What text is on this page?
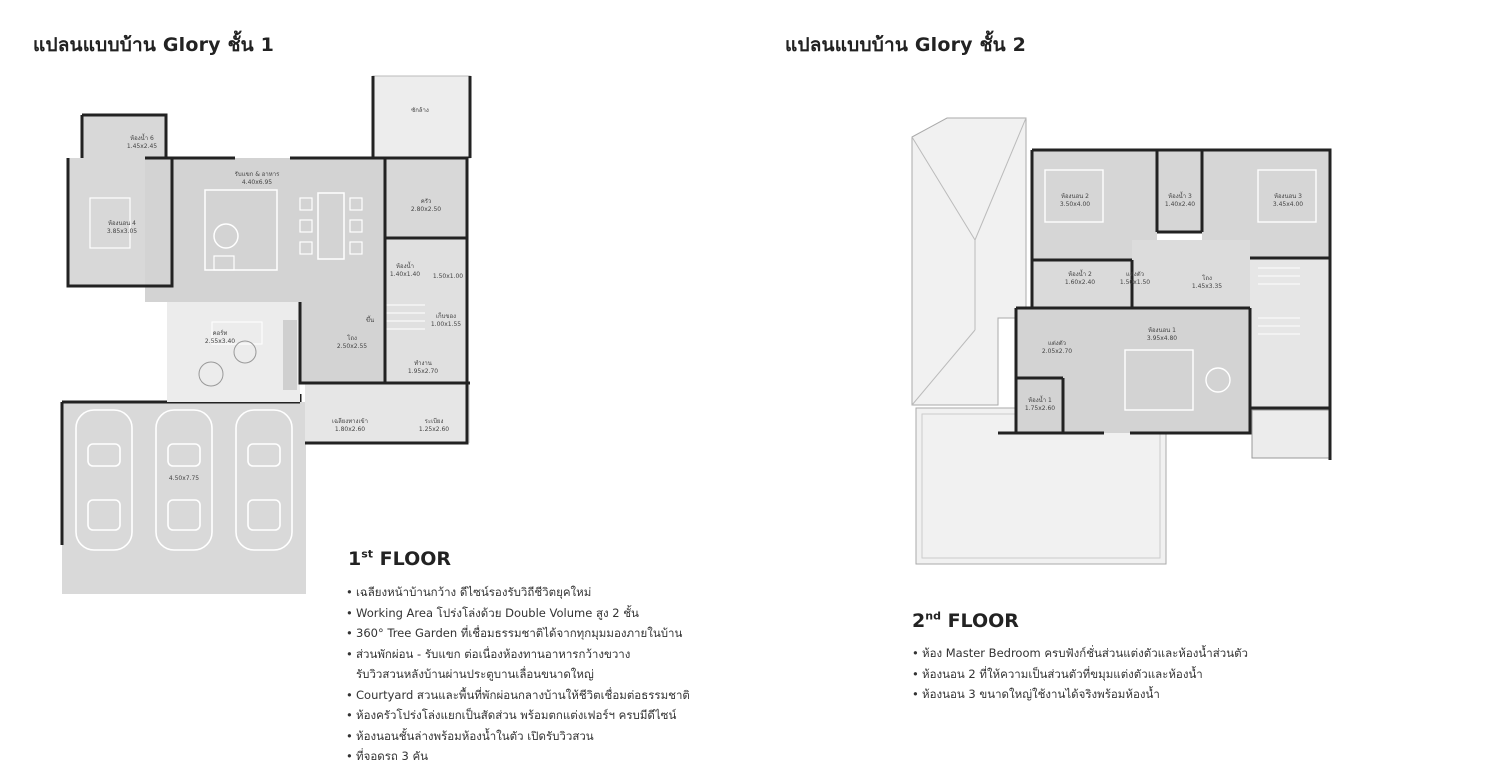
แปลนแบบบ้าน Glory ชั้น 1	แปลนแบบบ้าน Glory ชั้น 2
4.50x7.75
คอร์ท
2.55x3.40
ซักล้าง
ห้องน้ำ 6
1.45x2.45
ห้องนอน 4
3.85x3.05
รับแขก & อาหาร
4.40x6.95
ครัว
2.80x2.50
ห้องน้ำ
1.40x1.40 1.50x1.00
เก็บของ
1.00x1.55
ขึ้น
โถง
2.50x2.55
ทำงาน
1.95x2.70
เฉลียงทางเข้า
1.80x2.60
ระเบียง
1.25x2.60
ห้องนอน 2
3.50x4.00
ห้องน้ำ 3
1.40x2.40
ห้องนอน 3
3.45x4.00
ห้องน้ำ 2
1.60x2.40
แต่งตัว
1.50x1.50
โถง
1.45x3.35
ห้องนอน 1
3.95x4.80
แต่งตัว
2.05x2.70
ห้องน้ำ 1
1.75x2.60
1st FLOOR
• เฉลียงหน้าบ้านกว้าง ดีไซน์รองรับวิถีชีวิตยุคใหม่
• Working Area โปร่งโล่งด้วย Double Volume สูง 2 ชั้น
• 360° Tree Garden ที่เชื่อมธรรมชาติได้จากทุกมุมมองภายในบ้าน
• ส่วนพักผ่อน - รับแขก ต่อเนื่องห้องทานอาหารกว้างขวาง
รับวิวสวนหลังบ้านผ่านประตูบานเลื่อนขนาดใหญ่
• Courtyard สวนและพื้นที่พักผ่อนกลางบ้านให้ชีวิตเชื่อมต่อธรรมชาติ
• ห้องครัวโปร่งโล่งแยกเป็นสัดส่วน พร้อมตกแต่งเฟอร์ฯ ครบมีดีไซน์
• ห้องนอนชั้นล่างพร้อมห้องน้ำในตัว เปิดรับวิวสวน
• ที่จอดรถ 3 คัน
2nd FLOOR
• ห้อง Master Bedroom ครบฟังก์ชั่นส่วนแต่งตัวและห้องน้ำส่วนตัว
• ห้องนอน 2 ที่ให้ความเป็นส่วนตัวที่ขมุมแต่งตัวและห้องน้ำ
• ห้องนอน 3 ขนาดใหญ่ใช้งานได้จริงพร้อมห้องน้ำ
